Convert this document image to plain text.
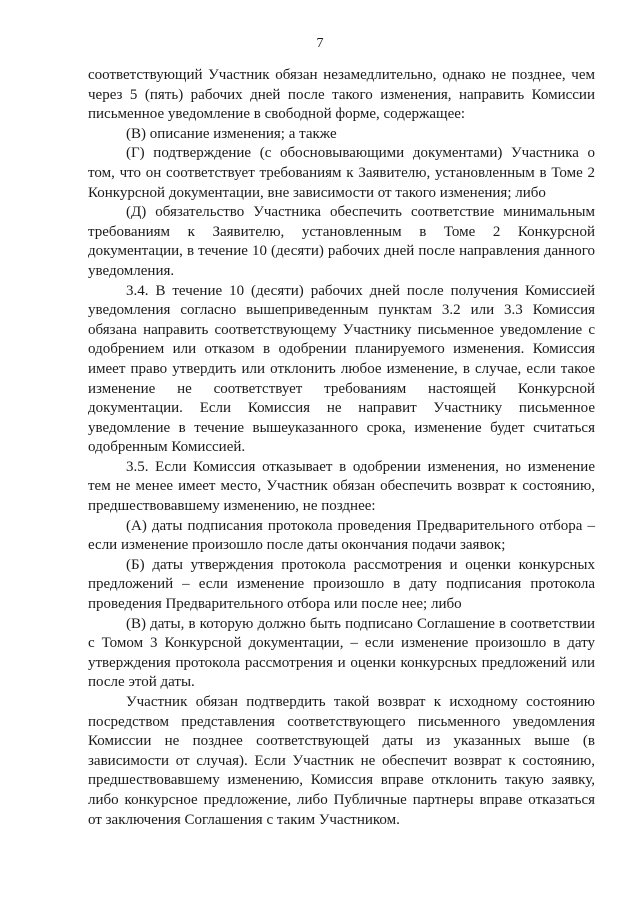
7

соответствующий Участник обязан незамедлительно, однако не позднее, чем через 5 (пять) рабочих дней после такого изменения, направить Комиссии письменное уведомление в свободной форме, содержащее:

(В) описание изменения; а также

(Г) подтверждение (с обосновывающими документами) Участника о том, что он соответствует требованиям к Заявителю, установленным в Томе 2 Конкурсной документации, вне зависимости от такого изменения; либо

(Д) обязательство Участника обеспечить соответствие минимальным требованиям к Заявителю, установленным в Томе 2 Конкурсной документации, в течение 10 (десяти) рабочих дней после направления данного уведомления.

3.4. В течение 10 (десяти) рабочих дней после получения Комиссией уведомления согласно вышеприведенным пунктам 3.2 или 3.3 Комиссия обязана направить соответствующему Участнику письменное уведомление с одобрением или отказом в одобрении планируемого изменения. Комиссия имеет право утвердить или отклонить любое изменение, в случае, если такое изменение не соответствует требованиям настоящей Конкурсной документации. Если Комиссия не направит Участнику письменное уведомление в течение вышеуказанного срока, изменение будет считаться одобренным Комиссией.

3.5. Если Комиссия отказывает в одобрении изменения, но изменение тем не менее имеет место, Участник обязан обеспечить возврат к состоянию, предшествовавшему изменению, не позднее:

(А) даты подписания протокола проведения Предварительного отбора – если изменение произошло после даты окончания подачи заявок;

(Б) даты утверждения протокола рассмотрения и оценки конкурсных предложений – если изменение произошло в дату подписания протокола проведения Предварительного отбора или после нее; либо

(В) даты, в которую должно быть подписано Соглашение в соответствии с Томом 3 Конкурсной документации, – если изменение произошло в дату утверждения протокола рассмотрения и оценки конкурсных предложений или после этой даты.

Участник обязан подтвердить такой возврат к исходному состоянию посредством представления соответствующего письменного уведомления Комиссии не позднее соответствующей даты из указанных выше (в зависимости от случая). Если Участник не обеспечит возврат к состоянию, предшествовавшему изменению, Комиссия вправе отклонить такую заявку, либо конкурсное предложение, либо Публичные партнеры вправе отказаться от заключения Соглашения с таким Участником.
